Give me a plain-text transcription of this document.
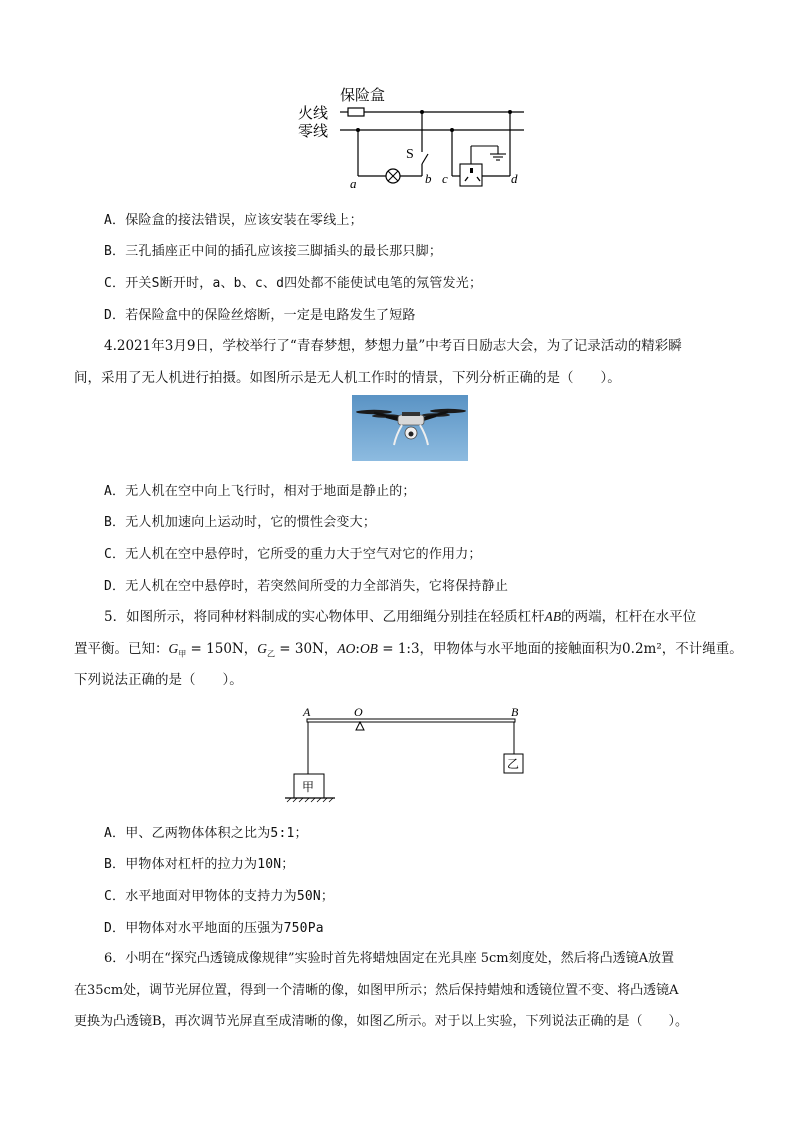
保险盒
火线
零线
S
a	b c	d
A．保险盒的接法错误，应该安装在零线上；
B．三孔插座正中间的插孔应该接三脚插头的最长那只脚；
C．开关S断开时，a、b、c、d四处都不能使试电笔的氖管发光；
D．若保险盒中的保险丝熔断，一定是电路发生了短路
4.2021年3月9日，学校举行了“青春梦想，梦想力量”中考百日励志大会，为了记录活动的精彩瞬
间，采用了无人机进行拍摄。如图所示是无人机工作时的情景，下列分析正确的是（　　）。
A．无人机在空中向上飞行时，相对于地面是静止的；
B．无人机加速向上运动时，它的惯性会变大；
C．无人机在空中悬停时，它所受的重力大于空气对它的作用力；
D．无人机在空中悬停时，若突然间所受的力全部消失，它将保持静止
5．如图所示，将同种材料制成的实心物体甲、乙用细绳分别挂在轻质杠杆AB的两端，杠杆在水平位
置平衡。已知：$G_甲 = 150N$，$G_乙 = 30N$，AO:OB = 1:3，甲物体与水平地面的接触面积为0.2m²，不计绳重。
下列说法正确的是（　　）。
A	O	B
甲
乙
A．甲、乙两物体体积之比为5:1；
B．甲物体对杠杆的拉力为10N；
C．水平地面对甲物体的支持力为50N；
D．甲物体对水平地面的压强为750Pa
6．小明在“探究凸透镜成像规律”实验时首先将蜡烛固定在光具座 5cm刻度处，然后将凸透镜A放置
在35cm处，调节光屏位置，得到一个清晰的像，如图甲所示；然后保持蜡烛和透镜位置不变、将凸透镜A
更换为凸透镜B，再次调节光屏直至成清晰的像，如图乙所示。对于以上实验，下列说法正确的是（　　）。
